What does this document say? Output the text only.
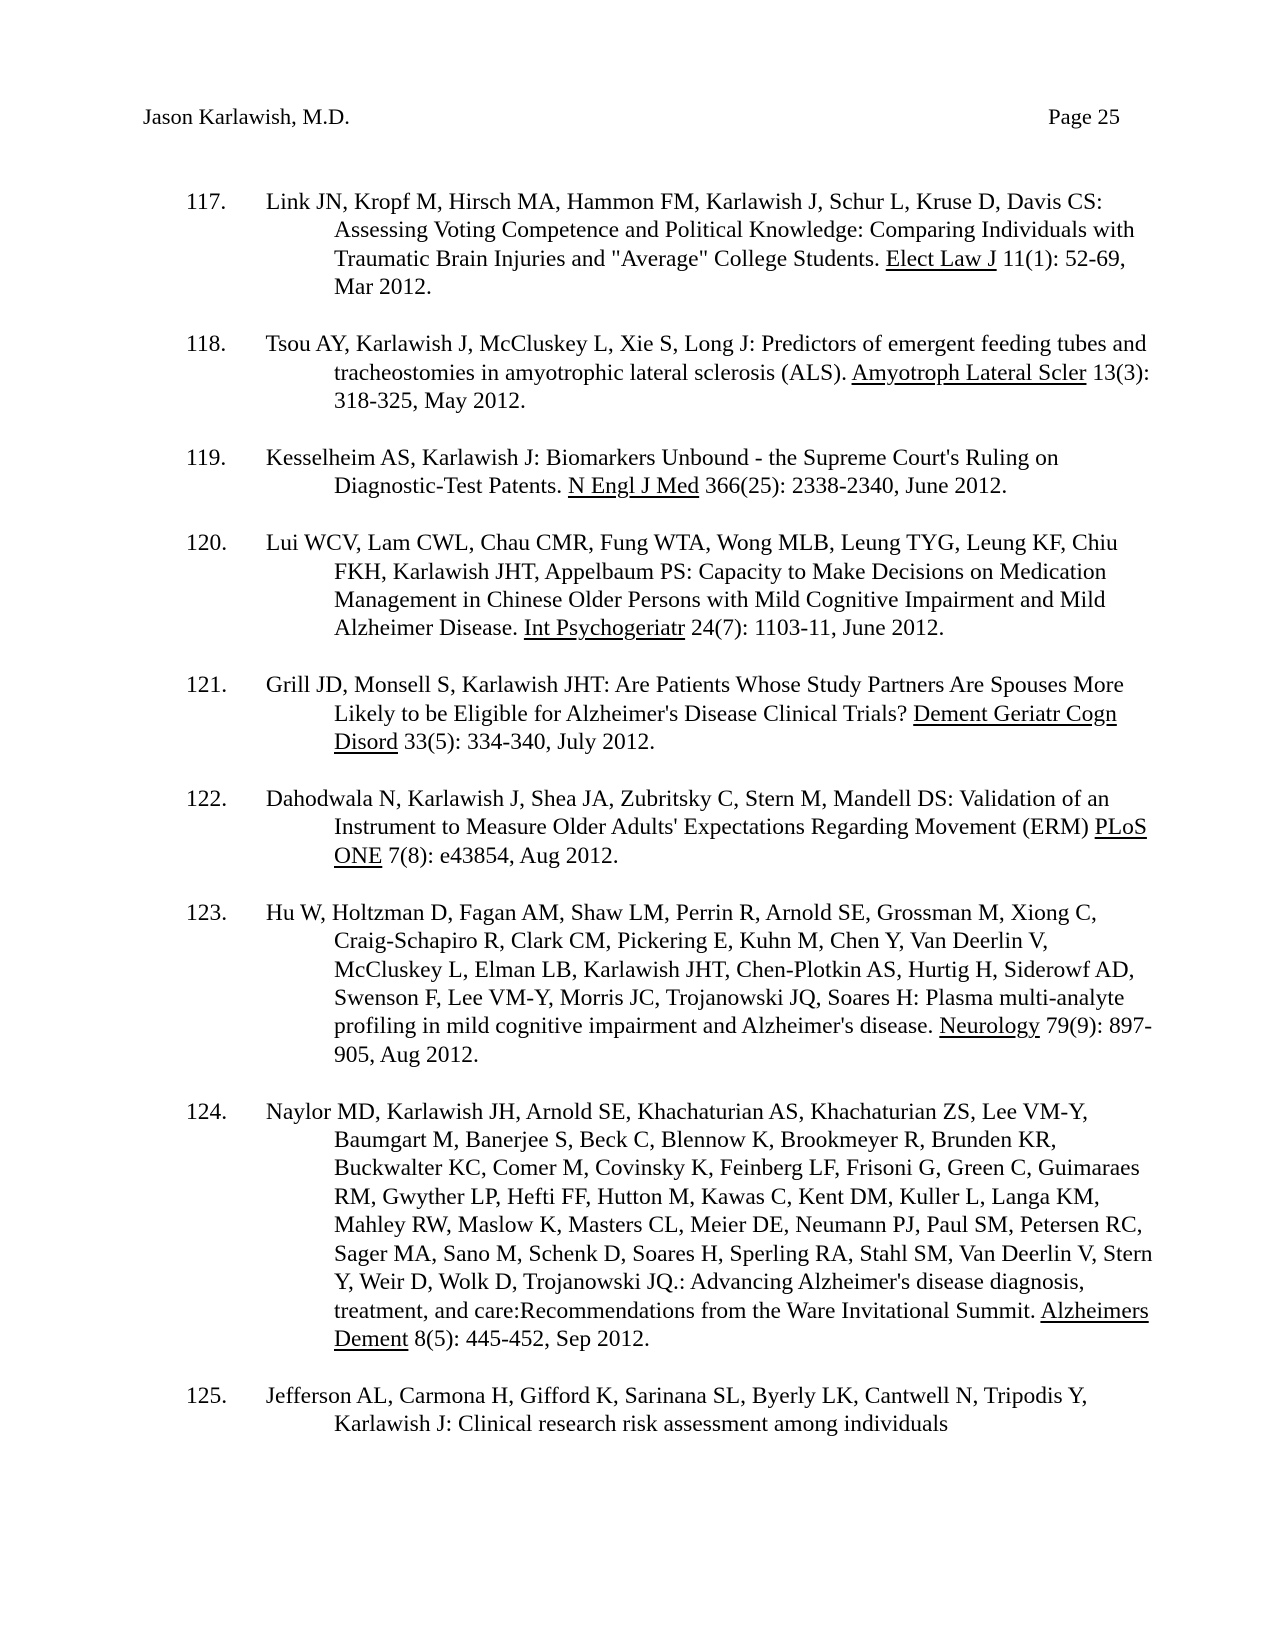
Jason Karlawish, M.D.	Page 25
117. Link JN, Kropf M, Hirsch MA, Hammon FM, Karlawish J, Schur L, Kruse D, Davis CS: Assessing Voting Competence and Political Knowledge: Comparing Individuals with Traumatic Brain Injuries and "Average" College Students. Elect Law J 11(1): 52-69, Mar 2012.
118. Tsou AY, Karlawish J, McCluskey L, Xie S, Long J: Predictors of emergent feeding tubes and tracheostomies in amyotrophic lateral sclerosis (ALS). Amyotroph Lateral Scler 13(3): 318-325, May 2012.
119. Kesselheim AS, Karlawish J: Biomarkers Unbound - the Supreme Court's Ruling on Diagnostic-Test Patents. N Engl J Med 366(25): 2338-2340, June 2012.
120. Lui WCV, Lam CWL, Chau CMR, Fung WTA, Wong MLB, Leung TYG, Leung KF, Chiu FKH, Karlawish JHT, Appelbaum PS: Capacity to Make Decisions on Medication Management in Chinese Older Persons with Mild Cognitive Impairment and Mild Alzheimer Disease. Int Psychogeriatr 24(7): 1103-11, June 2012.
121. Grill JD, Monsell S, Karlawish JHT: Are Patients Whose Study Partners Are Spouses More Likely to be Eligible for Alzheimer's Disease Clinical Trials? Dement Geriatr Cogn Disord 33(5): 334-340, July 2012.
122. Dahodwala N, Karlawish J, Shea JA, Zubritsky C, Stern M, Mandell DS: Validation of an Instrument to Measure Older Adults' Expectations Regarding Movement (ERM) PLoS ONE 7(8): e43854, Aug 2012.
123. Hu W, Holtzman D, Fagan AM, Shaw LM, Perrin R, Arnold SE, Grossman M, Xiong C, Craig-Schapiro R, Clark CM, Pickering E, Kuhn M, Chen Y, Van Deerlin V, McCluskey L, Elman LB, Karlawish JHT, Chen-Plotkin AS, Hurtig H, Siderowf AD, Swenson F, Lee VM-Y, Morris JC, Trojanowski JQ, Soares H: Plasma multi-analyte profiling in mild cognitive impairment and Alzheimer's disease. Neurology 79(9): 897-905, Aug 2012.
124. Naylor MD, Karlawish JH, Arnold SE, Khachaturian AS, Khachaturian ZS, Lee VM-Y, Baumgart M, Banerjee S, Beck C, Blennow K, Brookmeyer R, Brunden KR, Buckwalter KC, Comer M, Covinsky K, Feinberg LF, Frisoni G, Green C, Guimaraes RM, Gwyther LP, Hefti FF, Hutton M, Kawas C, Kent DM, Kuller L, Langa KM, Mahley RW, Maslow K, Masters CL, Meier DE, Neumann PJ, Paul SM, Petersen RC, Sager MA, Sano M, Schenk D, Soares H, Sperling RA, Stahl SM, Van Deerlin V, Stern Y, Weir D, Wolk D, Trojanowski JQ.: Advancing Alzheimer's disease diagnosis, treatment, and care:Recommendations from the Ware Invitational Summit. Alzheimers Dement 8(5): 445-452, Sep 2012.
125. Jefferson AL, Carmona H, Gifford K, Sarinana SL, Byerly LK, Cantwell N, Tripodis Y, Karlawish J: Clinical research risk assessment among individuals
